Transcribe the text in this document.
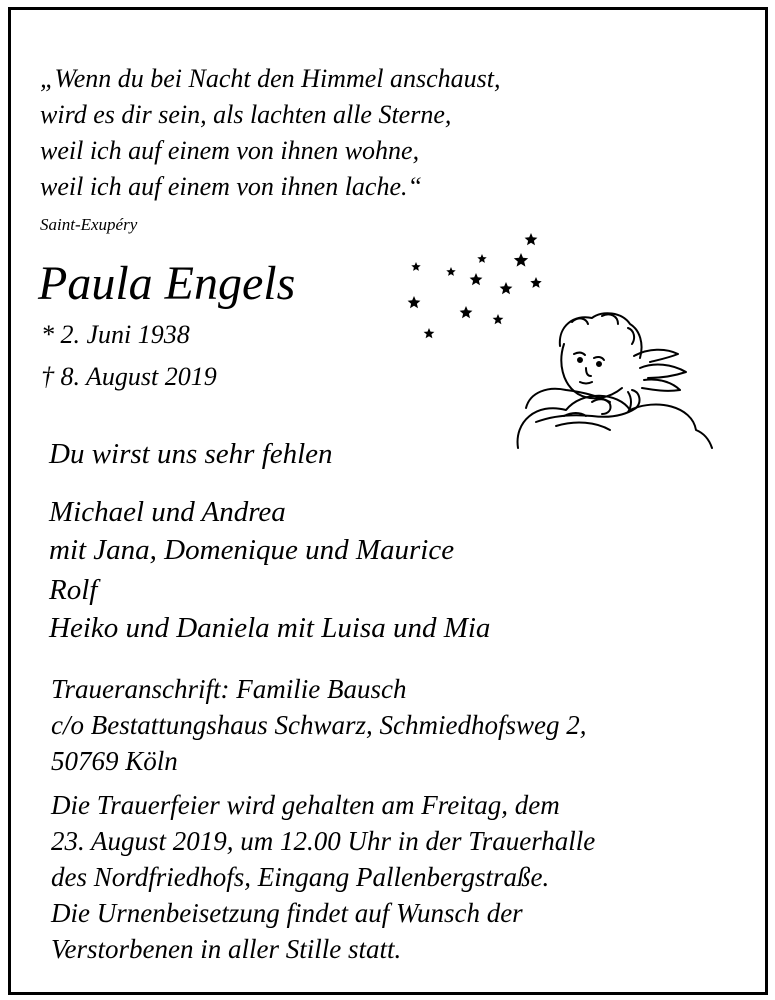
„Wenn du bei Nacht den Himmel anschaust,

wird es dir sein, als lachten alle Sterne,

weil ich auf einem von ihnen wohne,

weil ich auf einem von ihnen lache.“

Saint-Exupéry

Paula Engels

* 2. Juni 1938

† 8. August 2019

Du wirst uns sehr fehlen

Michael und Andrea

mit Jana, Domenique und Maurice

Rolf

Heiko und Daniela mit Luisa und Mia

Traueranschrift: Familie Bausch

c/o Bestattungshaus Schwarz, Schmiedhofsweg 2,

50769 Köln

Die Trauerfeier wird gehalten am Freitag, dem

23. August 2019, um 12.00 Uhr in der Trauerhalle

des Nordfriedhofs, Eingang Pallenbergstraße.

Die Urnenbeisetzung findet auf Wunsch der

Verstorbenen in aller Stille statt.
